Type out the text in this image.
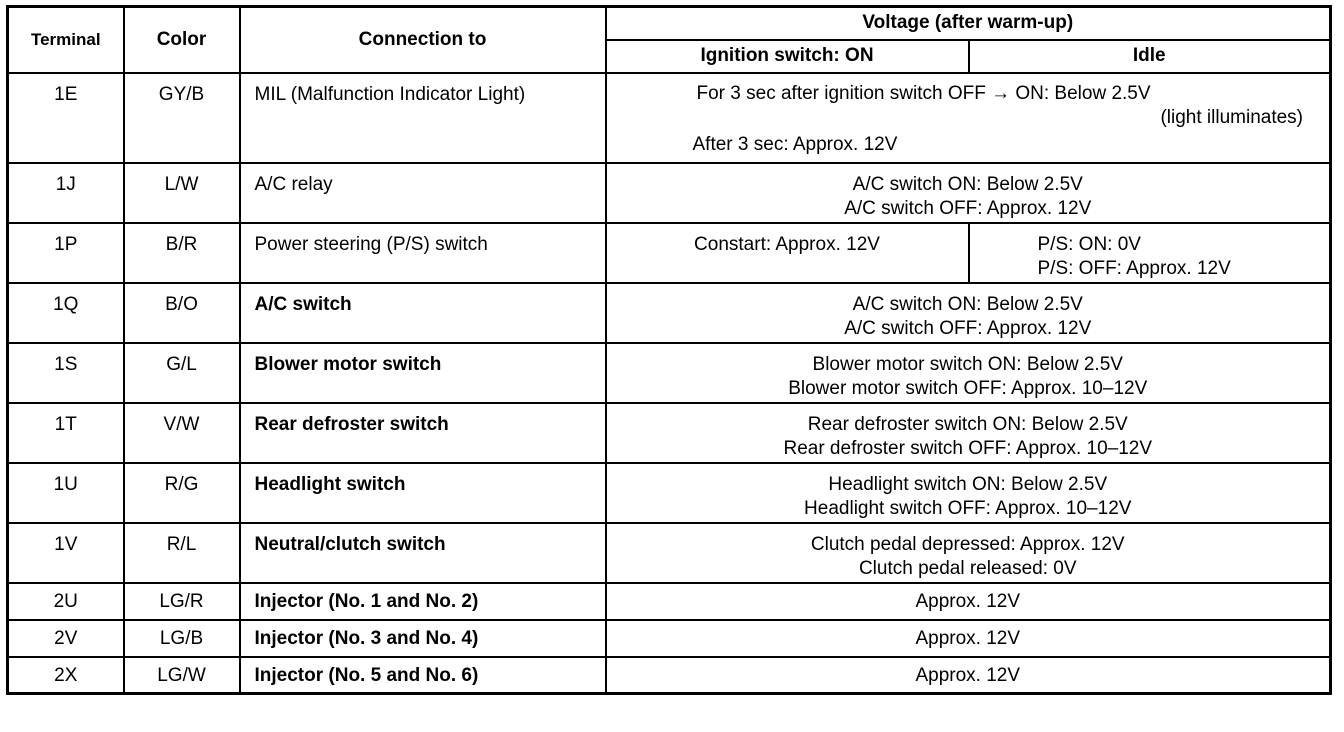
Terminal	Color	Connection to	Voltage (after warm-up)	
			Ignition switch: ON	Idle

1E	GY/B	MIL (Malfunction Indicator Light)	For 3 sec after ignition switch OFF → ON: Below 2.5V
(light illuminates)
After 3 sec: Approx. 12V	

1J	L/W	A/C relay	A/C switch ON: Below 2.5V
A/C switch OFF: Approx. 12V	

1P	B/R	Power steering (P/S) switch	Constart: Approx. 12V	P/S: ON: 0V
P/S: OFF: Approx. 12V

1Q	B/O	A/C switch	A/C switch ON: Below 2.5V
A/C switch OFF: Approx. 12V	

1S	G/L	Blower motor switch	Blower motor switch ON: Below 2.5V
Blower motor switch OFF: Approx. 10–12V	

1T	V/W	Rear defroster switch	Rear defroster switch ON: Below 2.5V
Rear defroster switch OFF: Approx. 10–12V	

1U	R/G	Headlight switch	Headlight switch ON: Below 2.5V
Headlight switch OFF: Approx. 10–12V	

1V	R/L	Neutral/clutch switch	Clutch pedal depressed: Approx. 12V
Clutch pedal released: 0V	

2U	LG/R	Injector (No. 1 and No. 2)	Approx. 12V	

2V	LG/B	Injector (No. 3 and No. 4)	Approx. 12V	

2X	LG/W	Injector (No. 5 and No. 6)	Approx. 12V	
